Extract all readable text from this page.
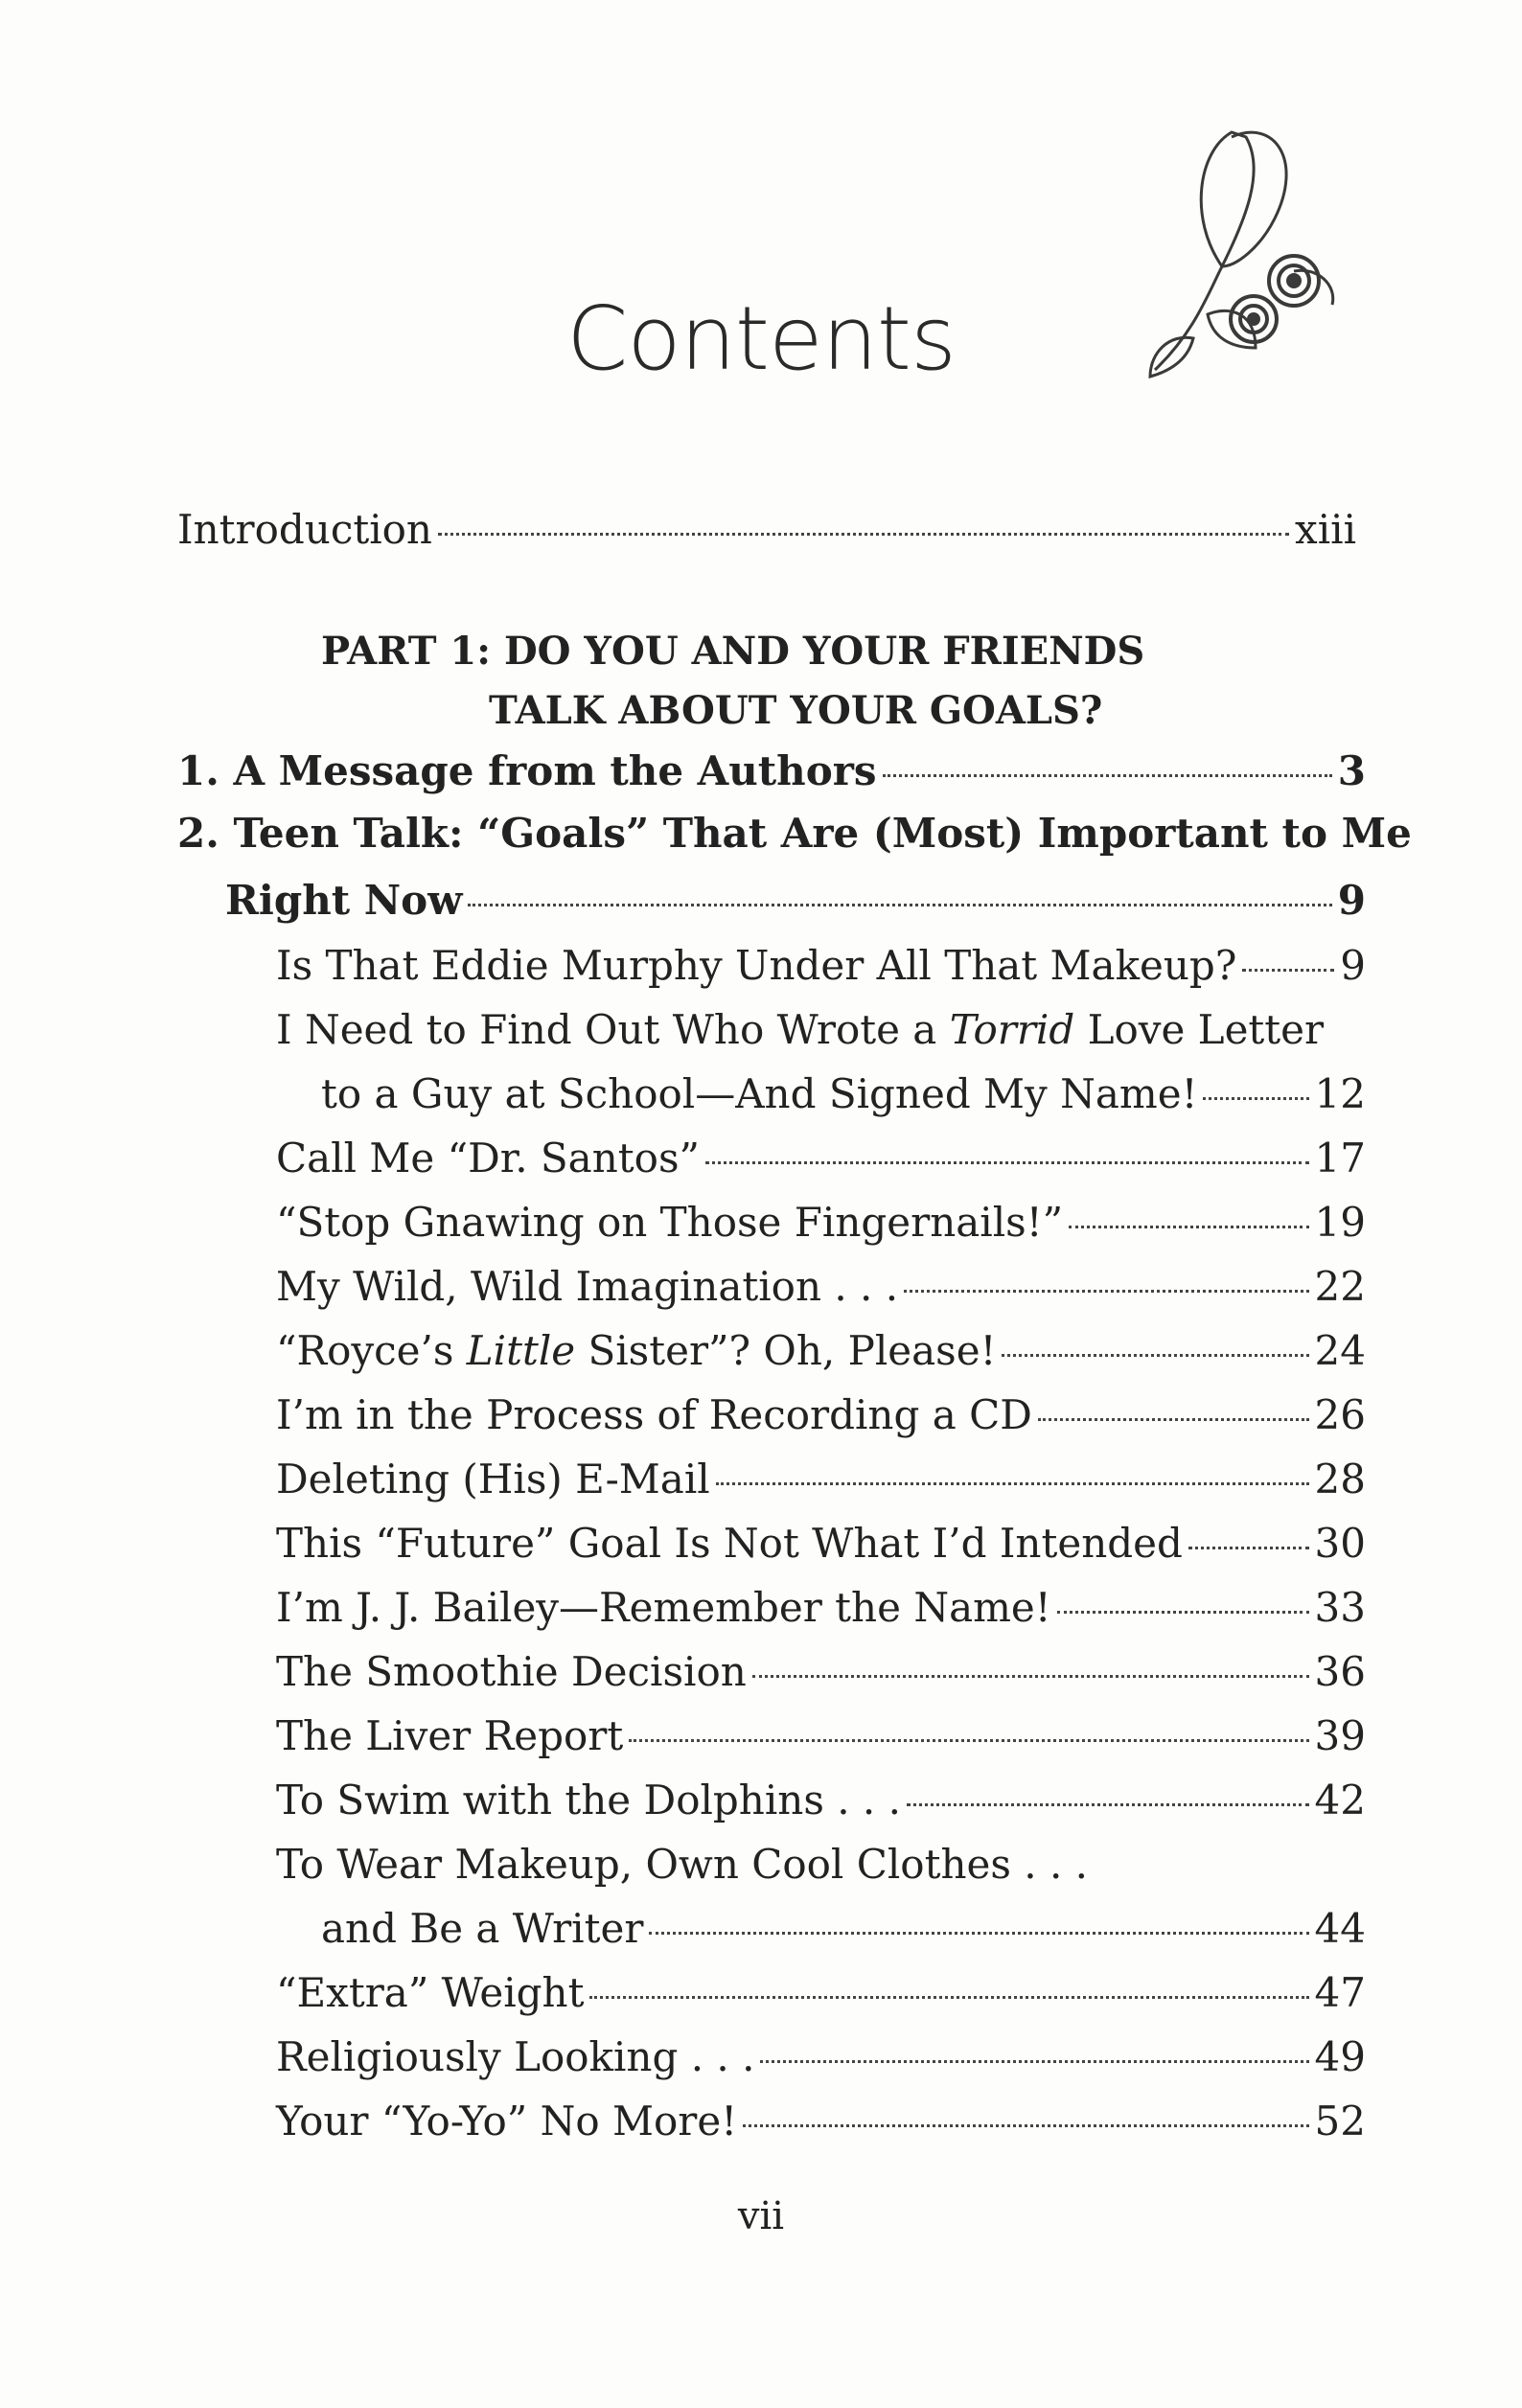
Contents
Introduction	xiii
PART 1: DO YOU AND YOUR FRIENDS
TALK ABOUT YOUR GOALS?
1. A Message from the Authors	3
2. Teen Talk: “Goals” That Are (Most) Important to Me
Right Now	9
Is That Eddie Murphy Under All That Makeup?	9
I Need to Find Out Who Wrote a Torrid Love Letter
to a Guy at School—And Signed My Name!	12
Call Me “Dr. Santos”	17
“Stop Gnawing on Those Fingernails!”	19
My Wild, Wild Imagination . . .	22
“Royce’s Little Sister”? Oh, Please!	24
I’m in the Process of Recording a CD	26
Deleting (His) E-Mail	28
This “Future” Goal Is Not What I’d Intended	30
I’m J. J. Bailey—Remember the Name!	33
The Smoothie Decision	36
The Liver Report	39
To Swim with the Dolphins . . .	42
To Wear Makeup, Own Cool Clothes . . .
and Be a Writer	44
“Extra” Weight	47
Religiously Looking . . .	49
Your “Yo-Yo” No More!	52
vii
